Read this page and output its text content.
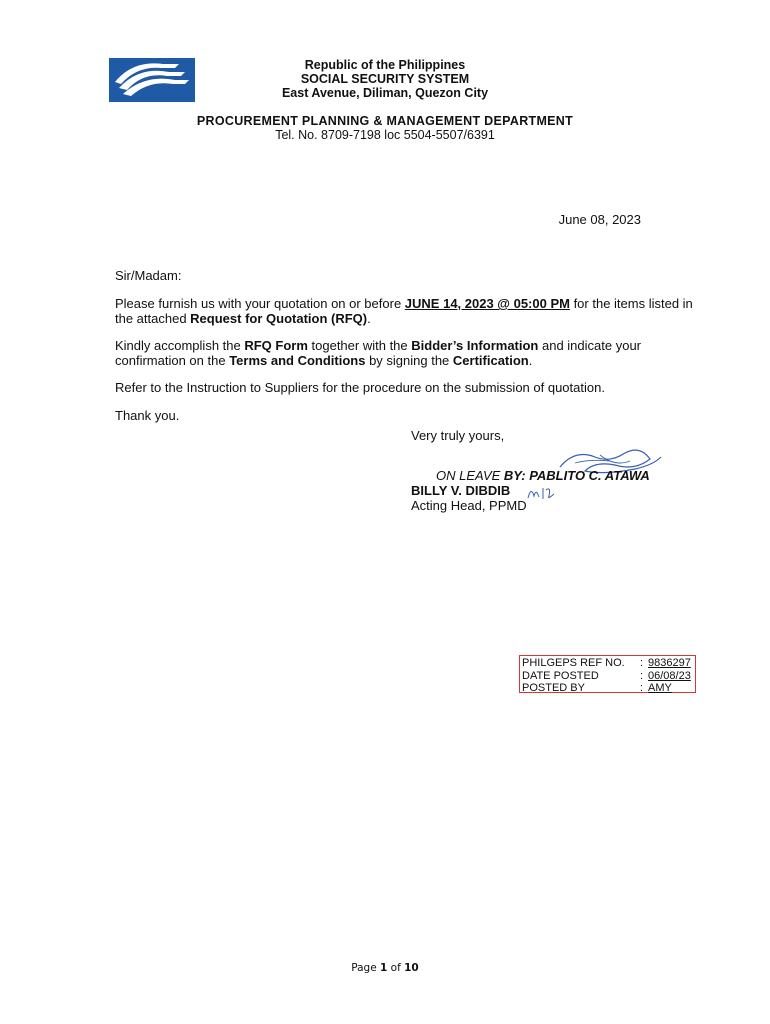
Republic of the Philippines
SOCIAL SECURITY SYSTEM
East Avenue, Diliman, Quezon City
PROCUREMENT PLANNING & MANAGEMENT DEPARTMENT
Tel. No. 8709-7198 loc 5504-5507/6391
June 08, 2023
Sir/Madam:
Please furnish us with your quotation on or before JUNE 14, 2023 @ 05:00 PM for the items listed in the attached Request for Quotation (RFQ).
Kindly accomplish the RFQ Form together with the Bidder’s Information and indicate your confirmation on the Terms and Conditions by signing the Certification.
Refer to the Instruction to Suppliers for the procedure on the submission of quotation.
Thank you.
Very truly yours,
ON LEAVE BY: PABLITO C. ATAWA
BILLY V. DIBDIB
Acting Head, PPMD
PHILGEPS REF NO.	: 9836297
DATE POSTED	: 06/08/23
POSTED BY	: AMY
Page 1 of 10
